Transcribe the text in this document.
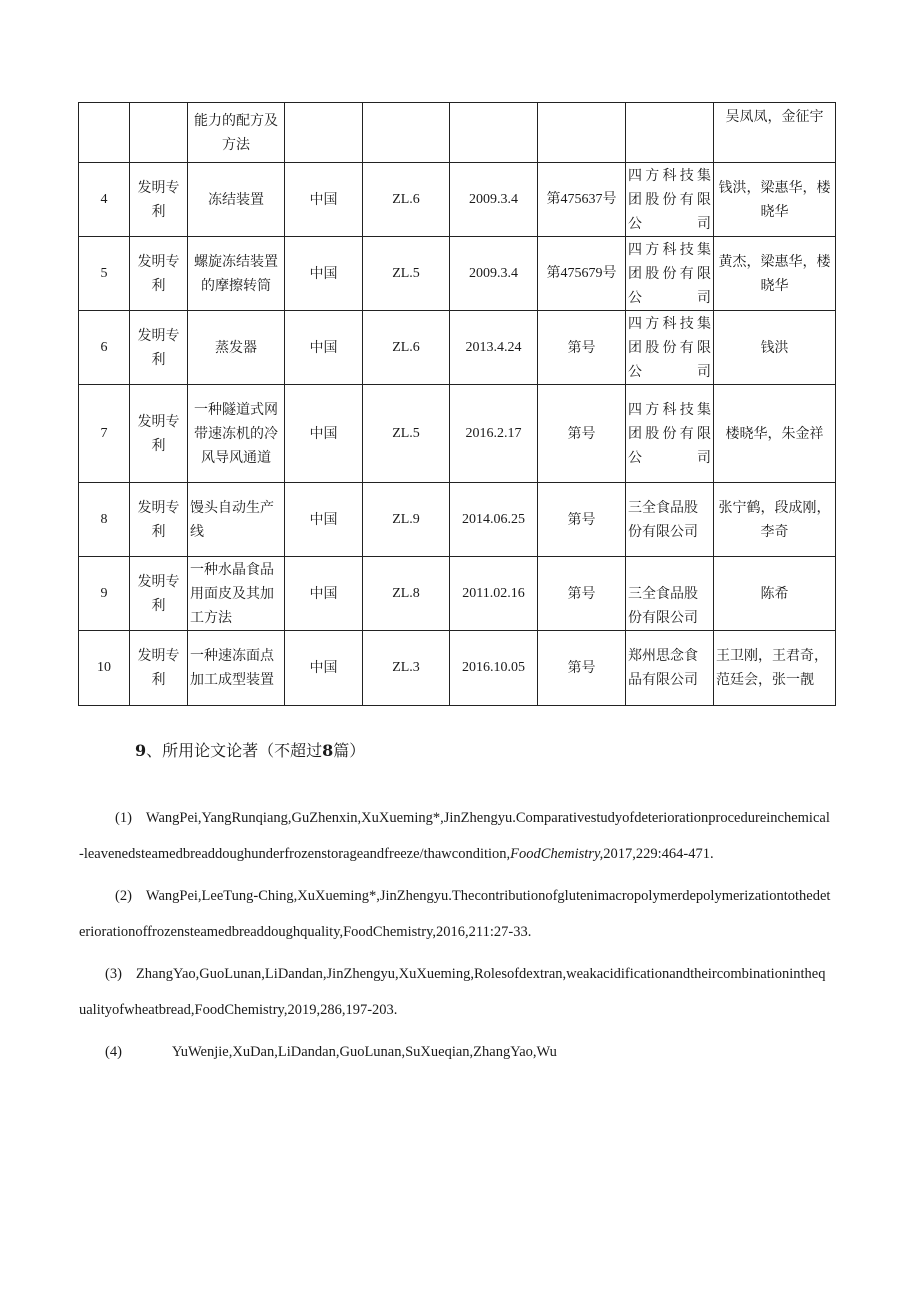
		能力的配方及方法						吴凤凤，金征宇
4	发明专利	冻结装置	中国	ZL.6	2009.3.4	第475637号	四方科技集团股份有限公司	钱洪，梁惠华，楼晓华
5	发明专利	螺旋冻结装置的摩擦转筒	中国	ZL.5	2009.3.4	第475679号	四方科技集团股份有限公司	黄杰，梁惠华，楼晓华
6	发明专利	蒸发器	中国	ZL.6	2013.4.24	第号	四方科技集团股份有限公司	钱洪
7	发明专利	一种隧道式网带速冻机的冷风导风通道	中国	ZL.5	2016.2.17	第号	四方科技集团股份有限公司	楼晓华，朱金祥
8	发明专利	馒头自动生产线	中国	ZL.9	2014.06.25	第号	三全食品股份有限公司	张宁鹤，段成刚，李奇
9	发明专利	一种水晶食品用面皮及其加工方法	中国	ZL.8	2011.02.16	第号	三全食品股份有限公司	陈希
10	发明专利	一种速冻面点加工成型装置	中国	ZL.3	2016.10.05	第号	郑州思念食品有限公司	王卫刚，王君奇，范廷会，张一靓
9、所用论文论著（不超过8篇）

(1) WangPei,YangRunqiang,GuZhenxin,XuXueming*,JinZhengyu.Comparativestudyofdeteriorationprocedureinchemical-leavenedsteamedbreaddoughunderfrozenstorageandfreeze/thawcondition,FoodChemistry,2017,229:464-471.

(2) WangPei,LeeTung-Ching,XuXueming*,JinZhengyu.Thecontributionofglutenimacropolymerdepolymerizationtothedeteriorationoffrozensteamedbreaddoughquality,FoodChemistry,2016,211:27-33.

(3) ZhangYao,GuoLunan,LiDandan,JinZhengyu,XuXueming,Rolesofdextran,weakacidificationandtheircombinationinthequalityofwheatbread,FoodChemistry,2019,286,197-203.

(4)	YuWenjie,XuDan,LiDandan,GuoLunan,SuXueqian,ZhangYao,Wu
